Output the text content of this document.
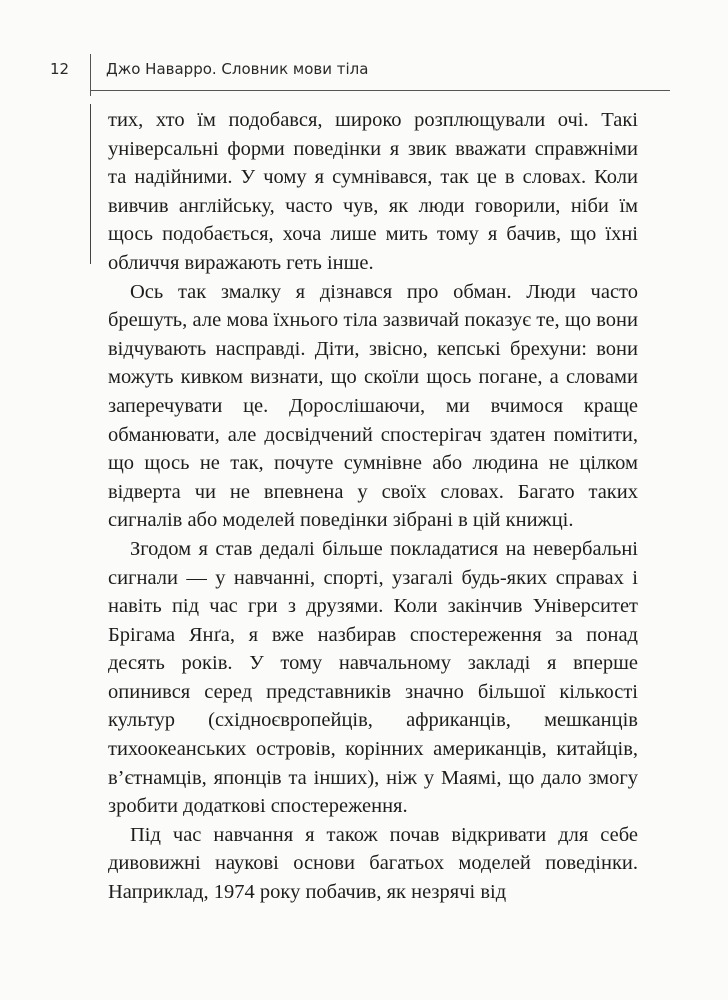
12 Джо Наварро. Словник мови тіла

тих, хто їм подобався, широко розплющували очі. Такі універсальні форми поведінки я звик вважати справжніми та надійними. У чому я сумнівався, так це в словах. Коли вивчив англійську, часто чув, як люди говорили, ніби їм щось подобається, хоча лише мить тому я бачив, що їхні обличчя виражають геть інше.

Ось так змалку я дізнався про обман. Люди часто брешуть, але мова їхнього тіла зазвичай показує те, що вони відчувають насправді. Діти, звісно, кепські брехуни: вони можуть кивком визнати, що скоїли щось погане, а словами заперечувати це. Дорослішаючи, ми вчимося краще обманювати, але досвідчений спостерігач здатен помітити, що щось не так, почуте сумнівне або людина не цілком відверта чи не впевнена у своїх словах. Багато таких сигналів або моделей поведінки зібрані в цій книжці.

Згодом я став дедалі більше покладатися на невербальні сигнали — у навчанні, спорті, узагалі будь-яких справах і навіть під час гри з друзями. Коли закінчив Університет Брігама Янґа, я вже назбирав спостереження за понад десять років. У тому навчальному закладі я вперше опинився серед представників значно більшої кількості культур (східноєвропейців, африканців, мешканців тихоокеанських островів, корінних американців, китайців, в’єтнамців, японців та інших), ніж у Маямі, що дало змогу зробити додаткові спостереження.

Під час навчання я також почав відкривати для себе дивовижні наукові основи багатьох моделей поведінки. Наприклад, 1974 року побачив, як незрячі від
